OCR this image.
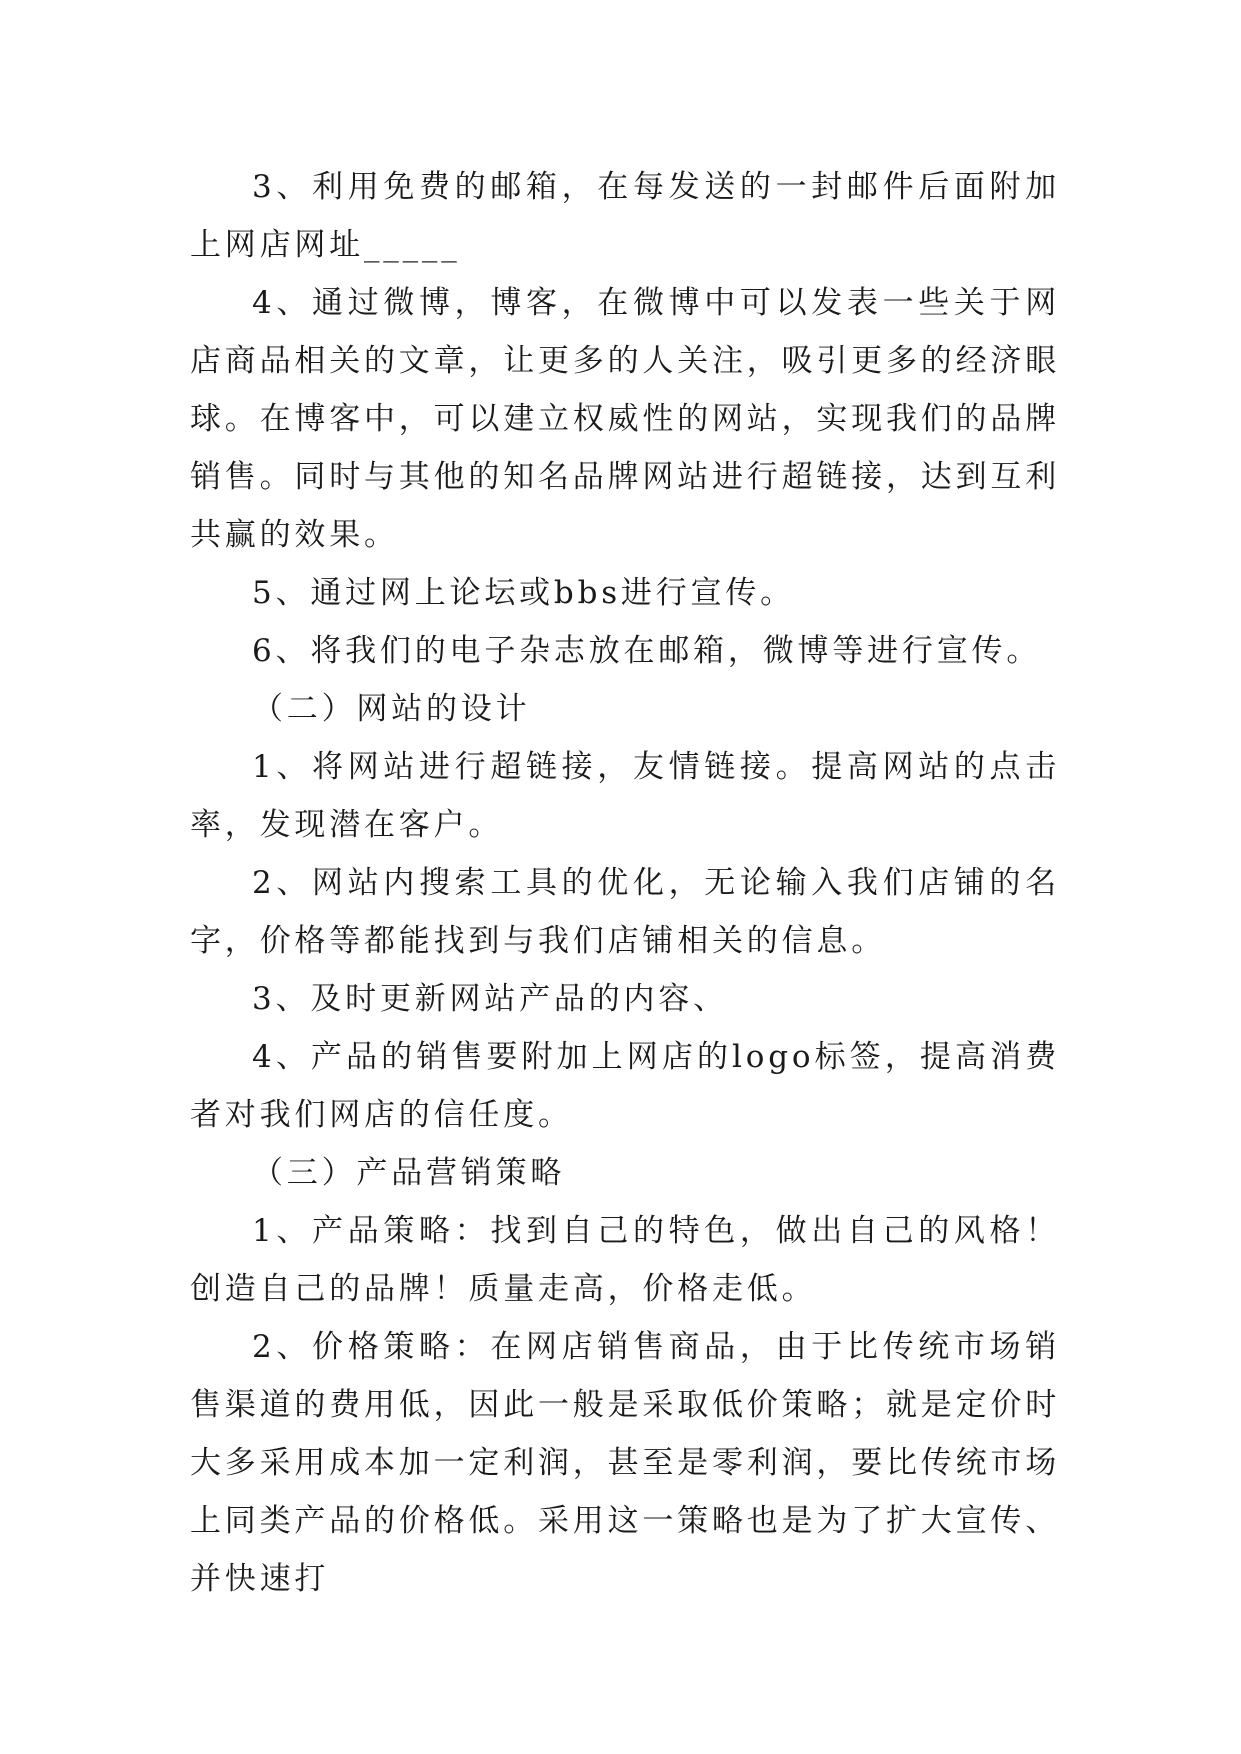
3、利用免费的邮箱，在每发送的一封邮件后面附加上网店网址_____

4、通过微博，博客，在微博中可以发表一些关于网店商品相关的文章，让更多的人关注，吸引更多的经济眼球。在博客中，可以建立权威性的网站，实现我们的品牌销售。同时与其他的知名品牌网站进行超链接，达到互利共赢的效果。

5、通过网上论坛或bbs进行宣传。

6、将我们的电子杂志放在邮箱，微博等进行宣传。

（二）网站的设计

1、将网站进行超链接，友情链接。提高网站的点击率，发现潜在客户。

2、网站内搜索工具的优化，无论输入我们店铺的名字，价格等都能找到与我们店铺相关的信息。

3、及时更新网站产品的内容、

4、产品的销售要附加上网店的logo标签，提高消费者对我们网店的信任度。

（三）产品营销策略

1、产品策略：找到自己的特色，做出自己的风格！创造自己的品牌！质量走高，价格走低。

2、价格策略：在网店销售商品，由于比传统市场销售渠道的费用低，因此一般是采取低价策略；就是定价时大多采用成本加一定利润，甚至是零利润，要比传统市场上同类产品的价格低。采用这一策略也是为了扩大宣传、并快速打
